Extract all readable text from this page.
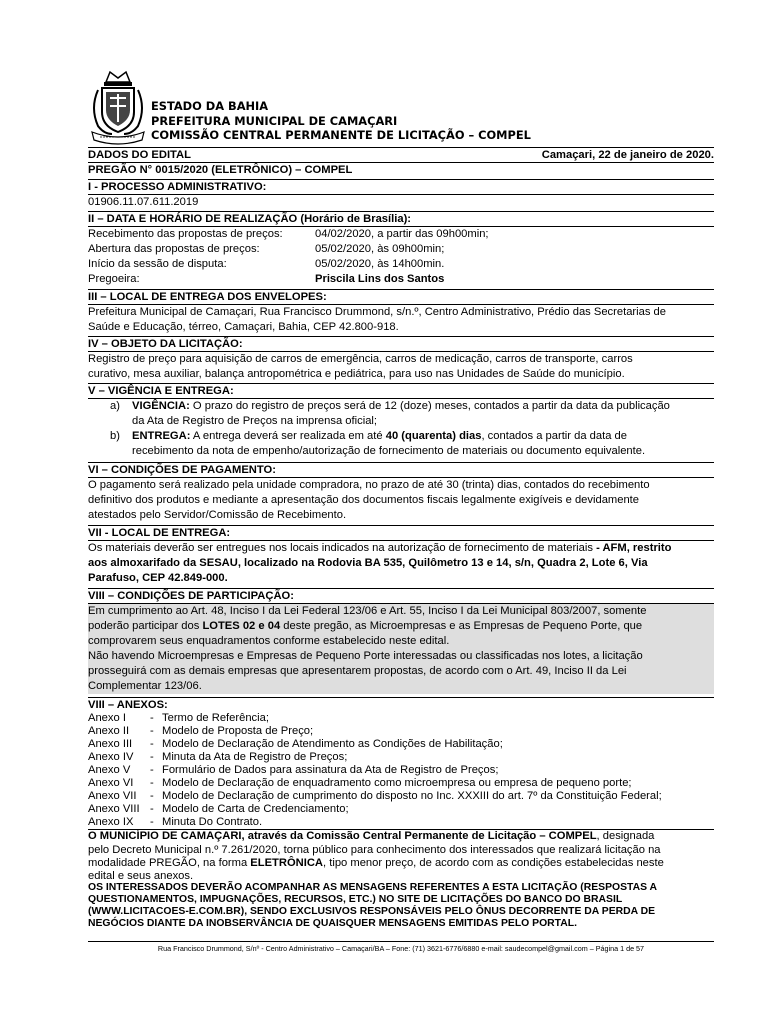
ESTADO DA BAHIA
PREFEITURA MUNICIPAL DE CAMAÇARI
COMISSÃO CENTRAL PERMANENTE DE LICITAÇÃO – COMPEL
DADOS DO EDITAL	Camaçari, 22 de janeiro de 2020.
PREGÃO N° 0015/2020 (ELETRÔNICO) – COMPEL
I - PROCESSO ADMINISTRATIVO:
01906.11.07.611.2019
II – DATA E HORÁRIO DE REALIZAÇÃO (Horário de Brasília):
Recebimento das propostas de preços:	04/02/2020, a partir das 09h00min;
Abertura das propostas de preços:	05/02/2020, às 09h00min;
Início da sessão de disputa:	05/02/2020, às 14h00min.
Pregoeira:	Priscila Lins dos Santos
III – LOCAL DE ENTREGA DOS ENVELOPES:
Prefeitura Municipal de Camaçari, Rua Francisco Drummond, s/n.º, Centro Administrativo, Prédio das Secretarias de
Saúde e Educação, térreo, Camaçari, Bahia, CEP 42.800-918.
IV – OBJETO DA LICITAÇÃO:
Registro de preço para aquisição de carros de emergência, carros de medicação, carros de transporte, carros
curativo, mesa auxiliar, balança antropométrica e pediátrica, para uso nas Unidades de Saúde do município.
V – VIGÊNCIA E ENTREGA:
a)	VIGÊNCIA: O prazo do registro de preços será de 12 (doze) meses, contados a partir da data da publicação
da Ata de Registro de Preços na imprensa oficial;
b)	ENTREGA: A entrega deverá ser realizada em até 40 (quarenta) dias, contados a partir da data de
recebimento da nota de empenho/autorização de fornecimento de materiais ou documento equivalente.
VI – CONDIÇÕES DE PAGAMENTO:
O pagamento será realizado pela unidade compradora, no prazo de até 30 (trinta) dias, contados do recebimento
definitivo dos produtos e mediante a apresentação dos documentos fiscais legalmente exigíveis e devidamente
atestados pelo Servidor/Comissão de Recebimento.
VII - LOCAL DE ENTREGA:
Os materiais deverão ser entregues nos locais indicados na autorização de fornecimento de materiais - AFM, restrito
aos almoxarifado da SESAU, localizado na Rodovia BA 535, Quilômetro 13 e 14, s/n, Quadra 2, Lote 6, Via
Parafuso, CEP 42.849-000.
VIII – CONDIÇÕES DE PARTICIPAÇÃO:
Em cumprimento ao Art. 48, Inciso I da Lei Federal 123/06 e Art. 55, Inciso I da Lei Municipal 803/2007, somente
poderão participar dos LOTES 02 e 04 deste pregão, as Microempresas e as Empresas de Pequeno Porte, que
comprovarem seus enquadramentos conforme estabelecido neste edital.
Não havendo Microempresas e Empresas de Pequeno Porte interessadas ou classificadas nos lotes, a licitação
prosseguirá com as demais empresas que apresentarem propostas, de acordo com o Art. 49, Inciso II da Lei
Complementar 123/06.
VIII – ANEXOS:
Anexo I	- Termo de Referência;
Anexo II	- Modelo de Proposta de Preço;
Anexo III	- Modelo de Declaração de Atendimento as Condições de Habilitação;
Anexo IV	- Minuta da Ata de Registro de Preços;
Anexo V	- Formulário de Dados para assinatura da Ata de Registro de Preços;
Anexo VI	- Modelo de Declaração de enquadramento como microempresa ou empresa de pequeno porte;
Anexo VII	- Modelo de Declaração de cumprimento do disposto no Inc. XXXIII do art. 7º da Constituição Federal;
Anexo VIII - Modelo de Carta de Credenciamento;
Anexo IX	- Minuta Do Contrato.
O MUNICÍPIO DE CAMAÇARI, através da Comissão Central Permanente de Licitação – COMPEL, designada
pelo Decreto Municipal n.º 7.261/2020, torna público para conhecimento dos interessados que realizará licitação na
modalidade PREGÃO, na forma ELETRÔNICA, tipo menor preço, de acordo com as condições estabelecidas neste
edital e seus anexos.
OS INTERESSADOS DEVERÃO ACOMPANHAR AS MENSAGENS REFERENTES A ESTA LICITAÇÃO (RESPOSTAS A
QUESTIONAMENTOS, IMPUGNAÇÕES, RECURSOS, ETC.) NO SITE DE LICITAÇÕES DO BANCO DO BRASIL
(WWW.LICITACOES-E.COM.BR), SENDO EXCLUSIVOS RESPONSÁVEIS PELO ÔNUS DECORRENTE DA PERDA DE
NEGÓCIOS DIANTE DA INOBSERVÂNCIA DE QUAISQUER MENSAGENS EMITIDAS PELO PORTAL.
Rua Francisco Drummond, S/nº - Centro Administrativo – Camaçari/BA – Fone: (71) 3621-6776/6880 e-mail: saudecompel@gmail.com – Página 1 de 57
